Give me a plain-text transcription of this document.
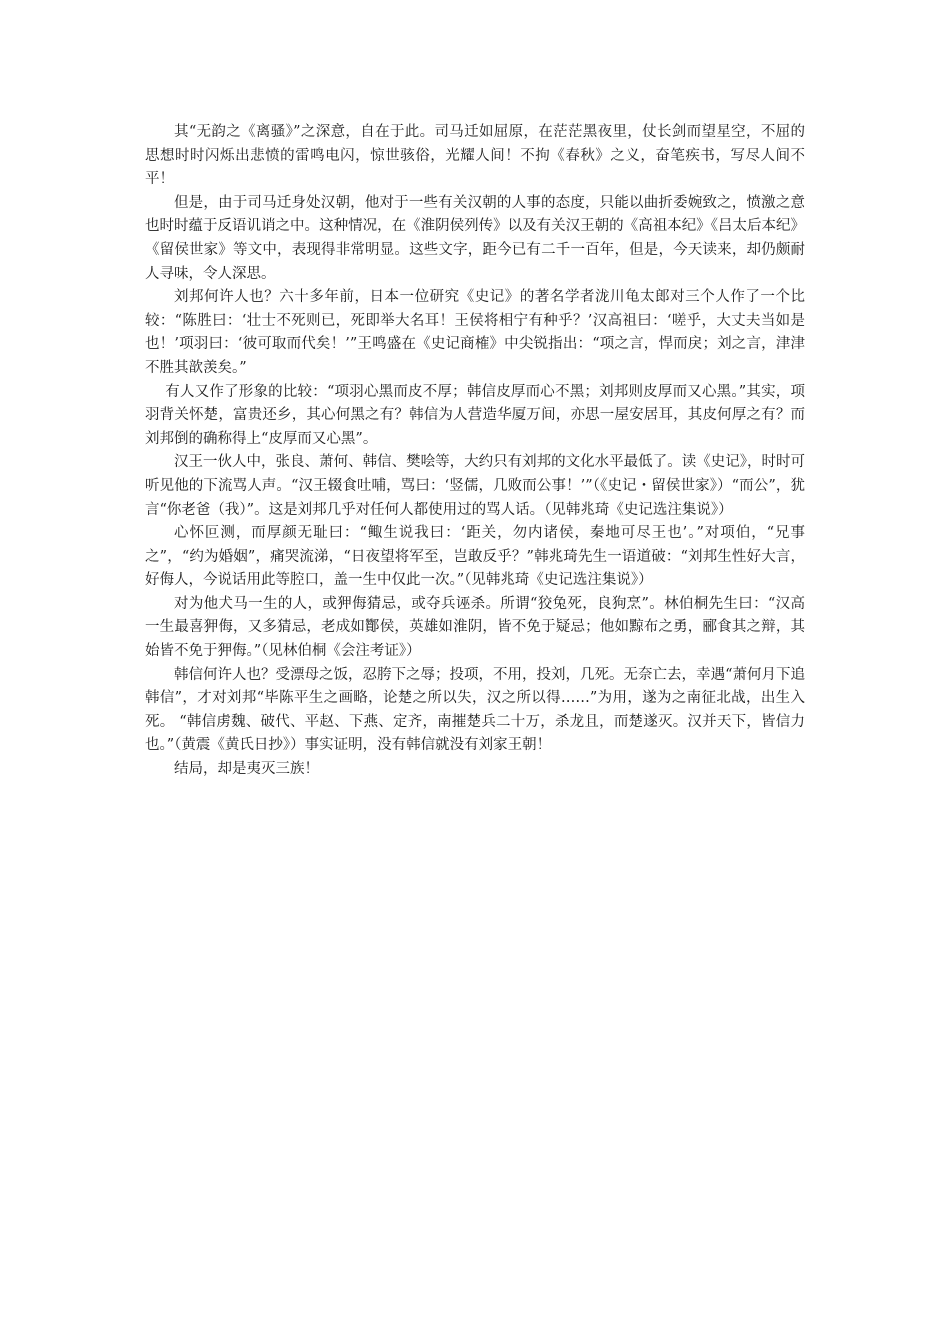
其“无韵之《离骚》”之深意，自在于此。司马迁如屈原，在茫茫黑夜里，仗长剑而望星空，不屈的思想时时闪烁出悲愤的雷鸣电闪，惊世骇俗，光耀人间！不拘《春秋》之义，奋笔疾书，写尽人间不平！

但是，由于司马迁身处汉朝，他对于一些有关汉朝的人事的态度，只能以曲折委婉致之，愤激之意也时时蕴于反语讥诮之中。这种情况，在《淮阴侯列传》以及有关汉王朝的《高祖本纪》《吕太后本纪》《留侯世家》等文中，表现得非常明显。这些文字，距今已有二千一百年，但是，今天读来，却仍颇耐人寻味，令人深思。

刘邦何许人也？六十多年前，日本一位研究《史记》的著名学者泷川龟太郎对三个人作了一个比较：“陈胜曰：‘壮士不死则已，死即举大名耳！王侯将相宁有种乎？’汉高祖曰：‘嗟乎，大丈夫当如是也！’项羽曰：‘彼可取而代矣！’”王鸣盛在《史记商榷》中尖锐指出：“项之言，悍而戾；刘之言，津津不胜其歆羡矣。”

有人又作了形象的比较：“项羽心黑而皮不厚；韩信皮厚而心不黑；刘邦则皮厚而又心黑。”其实，项羽背关怀楚，富贵还乡，其心何黑之有？韩信为人营造华厦万间，亦思一屋安居耳，其皮何厚之有？而刘邦倒的确称得上“皮厚而又心黑”。

汉王一伙人中，张良、萧何、韩信、樊哙等，大约只有刘邦的文化水平最低了。读《史记》，时时可听见他的下流骂人声。“汉王辍食吐哺，骂曰：‘竖儒，几败而公事！’”（《史记・留侯世家》）“而公”，犹言“你老爸（我）”。这是刘邦几乎对任何人都使用过的骂人话。（见韩兆琦《史记选注集说》）

心怀叵测，而厚颜无耻曰：“鲰生说我曰：‘距关，勿内诸侯，秦地可尽王也’。”对项伯，“兄事之”，“约为婚姻”，痛哭流涕，“日夜望将军至，岂敢反乎？”韩兆琦先生一语道破：“刘邦生性好大言，好侮人，今说话用此等腔口，盖一生中仅此一次。”（见韩兆琦《史记选注集说》）

对为他犬马一生的人，或狎侮猜忌，或夺兵诬杀。所谓“狡兔死，良狗烹”。林伯桐先生曰：“汉高一生最喜狎侮，又多猜忌，老成如酇侯，英雄如淮阴，皆不免于疑忌；他如黥布之勇，郦食其之辩，其始皆不免于狎侮。”（见林伯桐《会注考证》）

韩信何许人也？受漂母之饭，忍胯下之辱；投项，不用，投刘，几死。无奈亡去，幸遇“萧何月下追韩信”，才对刘邦“毕陈平生之画略，论楚之所以失，汉之所以得……”为用，遂为之南征北战，出生入死。 “韩信虏魏、破代、平赵、下燕、定齐，南摧楚兵二十万，杀龙且，而楚遂灭。汉并天下，皆信力也。”（黄震《黄氏日抄》）事实证明，没有韩信就没有刘家王朝！

结局，却是夷灭三族！
